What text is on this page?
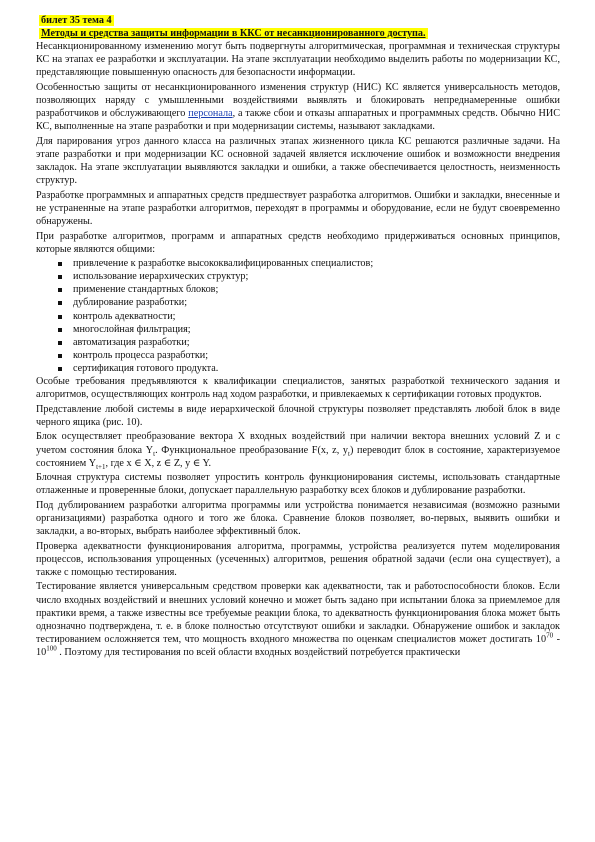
билет 35 тема 4
Методы и средства защиты информации в ККС от несанкционированного доступа.

Несанкционированному изменению могут быть подвергнуты алгоритмическая, программная и техническая структуры КС на этапах ее разработки и эксплуатации. На этапе эксплуатации необходимо выделить работы по модернизации КС, представляющие повышенную опасность для безопасности информации.

Особенностью защиты от несанкционированного изменения структур (НИС) КС является универсальность методов, позволяющих наряду с умышленными воздействиями выявлять и блокировать непреднамеренные ошибки разработчиков и обслуживающего персонала, а также сбои и отказы аппаратных и программных средств. Обычно НИС КС, выполненные на этапе разработки и при модернизации системы, называют закладками.

Для парирования угроз данного класса на различных этапах жизненного цикла КС решаются различные задачи. На этапе разработки и при модернизации КС основной задачей является исключение ошибок и возможности внедрения закладок. На этапе эксплуатации выявляются закладки и ошибки, а также обеспечивается целостность, неизменность структур.

Разработке программных и аппаратных средств предшествует разработка алгоритмов. Ошибки и закладки, внесенные и не устраненные на этапе разработки алгоритмов, переходят в программы и оборудование, если не будут своевременно обнаружены.

При разработке алгоритмов, программ и аппаратных средств необходимо придерживаться основных принципов, которые являются общими:

привлечение к разработке высококвалифицированных специалистов;
использование иерархических структур;
применение стандартных блоков;
дублирование разработки;
контроль адекватности;
многослойная фильтрация;
автоматизация разработки;
контроль процесса разработки;
сертификация готового продукта.

Особые требования предъявляются к квалификации специалистов, занятых разработкой технического задания и алгоритмов, осуществляющих контроль над ходом разработки, и привлекаемых к сертификации готовых продуктов.

Представление любой системы в виде иерархической блочной структуры позволяет представлять любой блок в виде черного ящика (рис. 10).

Блок осуществляет преобразование вектора X входных воздействий при наличии вектора внешних условий Z и с учетом состояния блока $Y_t$. Функциональное преобразование F(x, z, $y_t$) переводит блок в состояние, характеризуемое состоянием $Y_{t+1}$, где x ∈ X, z ∈ Z, y ∈ Y.

Блочная структура системы позволяет упростить контроль функционирования системы, использовать стандартные отлаженные и проверенные блоки, допускает параллельную разработку всех блоков и дублирование разработки.

Под дублированием разработки алгоритма программы или устройства понимается независимая (возможно разными организациями) разработка одного и того же блока. Сравнение блоков позволяет, во-первых, выявить ошибки и закладки, а во-вторых, выбрать наиболее эффективный блок.

Проверка адекватности функционирования алгоритма, программы, устройства реализуется путем моделирования процессов, использования упрощенных (усеченных) алгоритмов, решения обратной задачи (если она существует), а также с помощью тестирования.

Тестирование является универсальным средством проверки как адекватности, так и работоспособности блоков. Если число входных воздействий и внешних условий конечно и может быть задано при испытании блока за приемлемое для практики время, а также известны все требуемые реакции блока, то адекватность функционирования блока может быть однозначно подтверждена, т. е. в блоке полностью отсутствуют ошибки и закладки. Обнаружение ошибок и закладок тестированием осложняется тем, что мощность входного множества по оценкам специалистов может достигать $10^{70} - 10^{100}$ . Поэтому для тестирования по всей области входных воздействий потребуется практически
